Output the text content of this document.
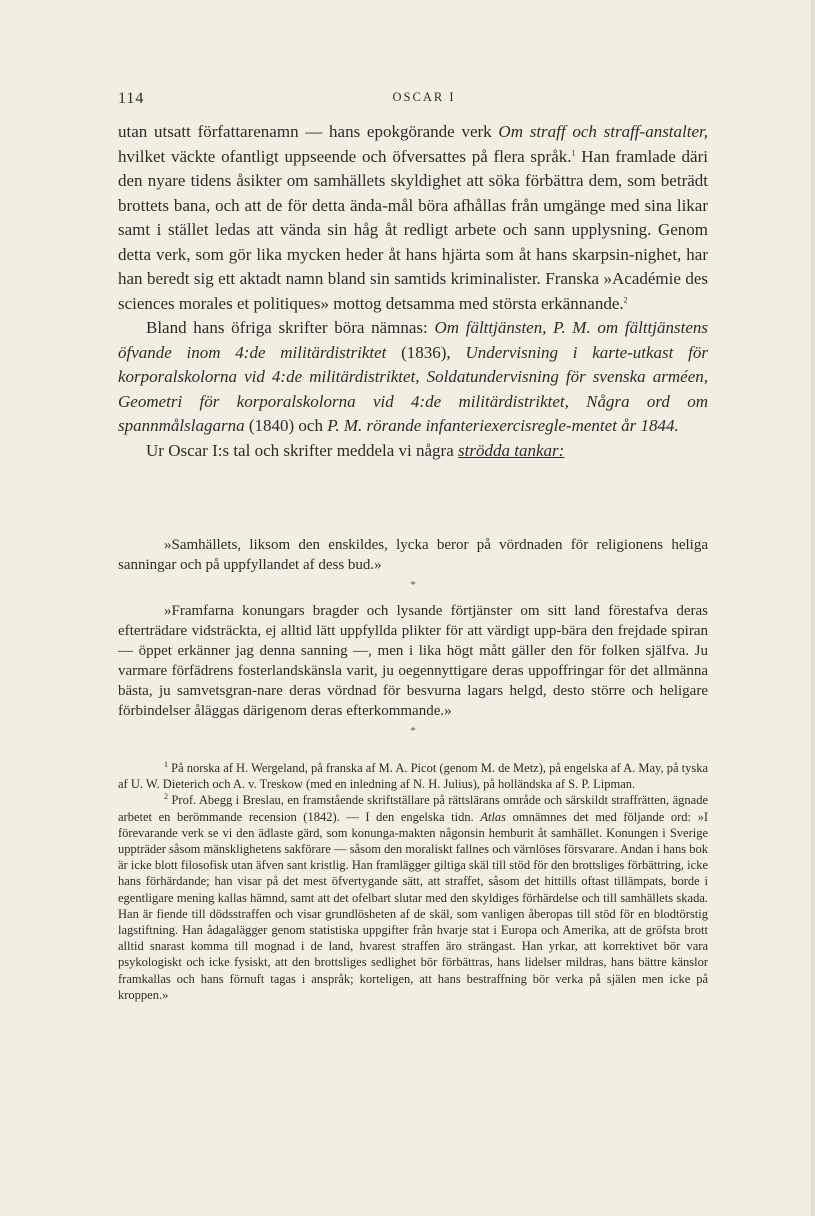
114	OSCAR I

utan utsatt författarenamn — hans epokgörande verk Om straff och straff-anstalter, hvilket väckte ofantligt uppseende och öfversattes på flera språk.$^1$ Han framlade däri den nyare tidens åsikter om samhällets skyldighet att söka förbättra dem, som beträdt brottets bana, och att de för detta ända-mål böra afhållas från umgänge med sina likar samt i stället ledas att vända sin håg åt redligt arbete och sann upplysning. Genom detta verk, som gör lika mycken heder åt hans hjärta som åt hans skarpsin-nighet, har han beredt sig ett aktadt namn bland sin samtids kriminalister. Franska »Académie des sciences morales et politiques» mottog detsamma med största erkännande.$^2$

Bland hans öfriga skrifter böra nämnas: Om fälttjänsten, P. M. om fälttjänstens öfvande inom 4:de militärdistriktet (1836), Undervisning i karte-utkast för korporalskolorna vid 4:de militärdistriktet, Soldatundervisning för svenska arméen, Geometri för korporalskolorna vid 4:de militärdistriktet, Några ord om spannmålslagarna (1840) och P. M. rörande infanteriexercisregle-mentet år 1844.

Ur Oscar I:s tal och skrifter meddela vi några strödda tankar:

»Samhällets, liksom den enskildes, lycka beror på vördnaden för religionens heliga sanningar och på uppfyllandet af dess bud.»

*

»Framfarna konungars bragder och lysande förtjänster om sitt land förestafva deras efterträdare vidsträckta, ej alltid lätt uppfyllda plikter för att värdigt upp-bära den frejdade spiran — öppet erkänner jag denna sanning —, men i lika högt mått gäller den för folken själfva. Ju varmare förfädrens fosterlandskänsla varit, ju oegennyttigare deras uppoffringar för det allmänna bästa, ju samvetsgran-nare deras vördnad för besvurna lagars helgd, desto större och heligare förbindelser åläggas därigenom deras efterkommande.»

*

$^1$ På norska af H. Wergeland, på franska af M. A. Picot (genom M. de Metz), på engelska af A. May, på tyska af U. W. Dieterich och A. v. Treskow (med en inledning af N. H. Julius), på holländska af S. P. Lipman.

$^2$ Prof. Abegg i Breslau, en framstående skriftställare på rättslärans område och särskildt straffrätten, ägnade arbetet en berömmande recension (1842). — I den engelska tidn. Atlas omnämnes det med följande ord: »I förevarande verk se vi den ädlaste gärd, som konunga-makten någonsin hemburit åt samhället. Konungen i Sverige uppträder såsom mänsklighetens sakförare — såsom den moraliskt fallnes och värnlöses försvarare. Andan i hans bok är icke blott filosofisk utan äfven sant kristlig. Han framlägger giltiga skäl till stöd för den brottsliges förbättring, icke hans förhärdande; han visar på det mest öfvertygande sätt, att straffet, såsom det hittills oftast tillämpats, borde i egentligare mening kallas hämnd, samt att det ofelbart slutar med den skyldiges förhärdelse och till samhällets skada. Han är fiende till dödsstraffen och visar grundlösheten af de skäl, som vanligen åberopas till stöd för en blodtörstig lagstiftning. Han ådagalägger genom statistiska uppgifter från hvarje stat i Europa och Amerika, att de gröfsta brott alltid snarast komma till mognad i de land, hvarest straffen äro strängast. Han yrkar, att korrektivet bör vara psykologiskt och icke fysiskt, att den brottsliges sedlighet bör förbättras, hans lidelser mildras, hans bättre känslor framkallas och hans förnuft tagas i anspråk; korteligen, att hans bestraffning bör verka på själen men icke på kroppen.»
